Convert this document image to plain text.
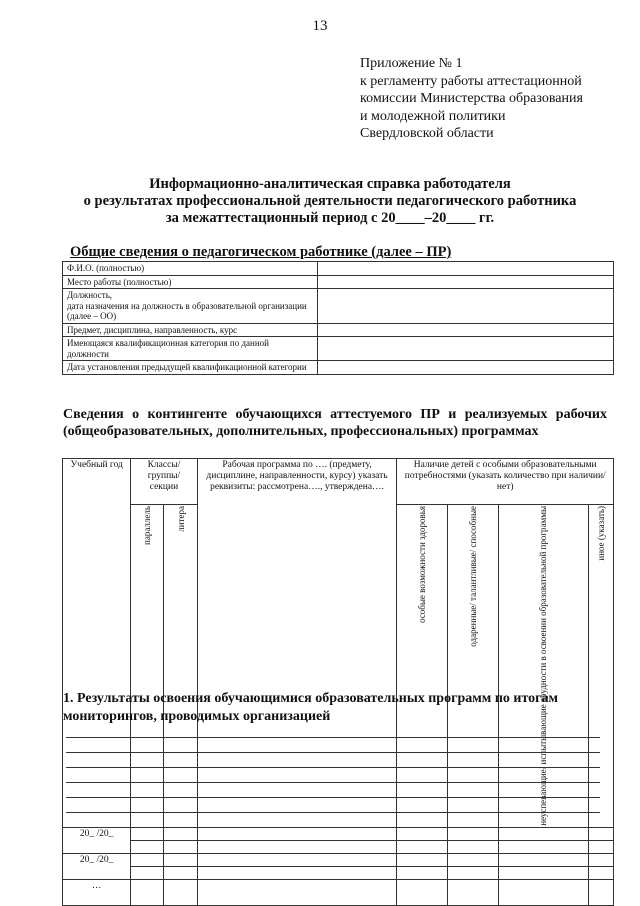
13
Приложение № 1
к регламенту работы аттестационной
комиссии Министерства образования
и молодежной политики
Свердловской области
Информационно-аналитическая справка работодателя
о результатах профессиональной деятельности педагогического работника
за межаттестационный период с 20____–20____ гг.
Общие сведения о педагогическом работнике (далее – ПР)
Ф.И.О. (полностью)	
Место работы (полностью)	
Должность,
дата назначения на должность в образовательной организации (далее – ОО)	
Предмет, дисциплина, направленность, курс	
Имеющаяся квалификационная категория по данной должности	
Дата установления предыдущей квалификационной категории	
Сведения о контингенте обучающихся аттестуемого ПР и реализуемых рабочих (общеобразовательных, дополнительных, профессиональных) программах
Учебный год	Классы/ группы/ секции		Рабочая программа по …. (предмету, дисциплине, направленности, курсу) указать реквизиты: рассмотрена…., утверждена….	Наличие детей с особыми образовательными потребностями (указать количество при наличии/ нет)			

	параллель	литера		особые возможности здоровья	одаренные/ талантливые/ способные	неуспевающие/ испытывающие трудности в освоении образовательной программы	иное (указать)

20_ /20_							

20_ /20_							

…							
1. Результаты освоения обучающимися образовательных программ по итогам мониторингов, проводимых организацией
